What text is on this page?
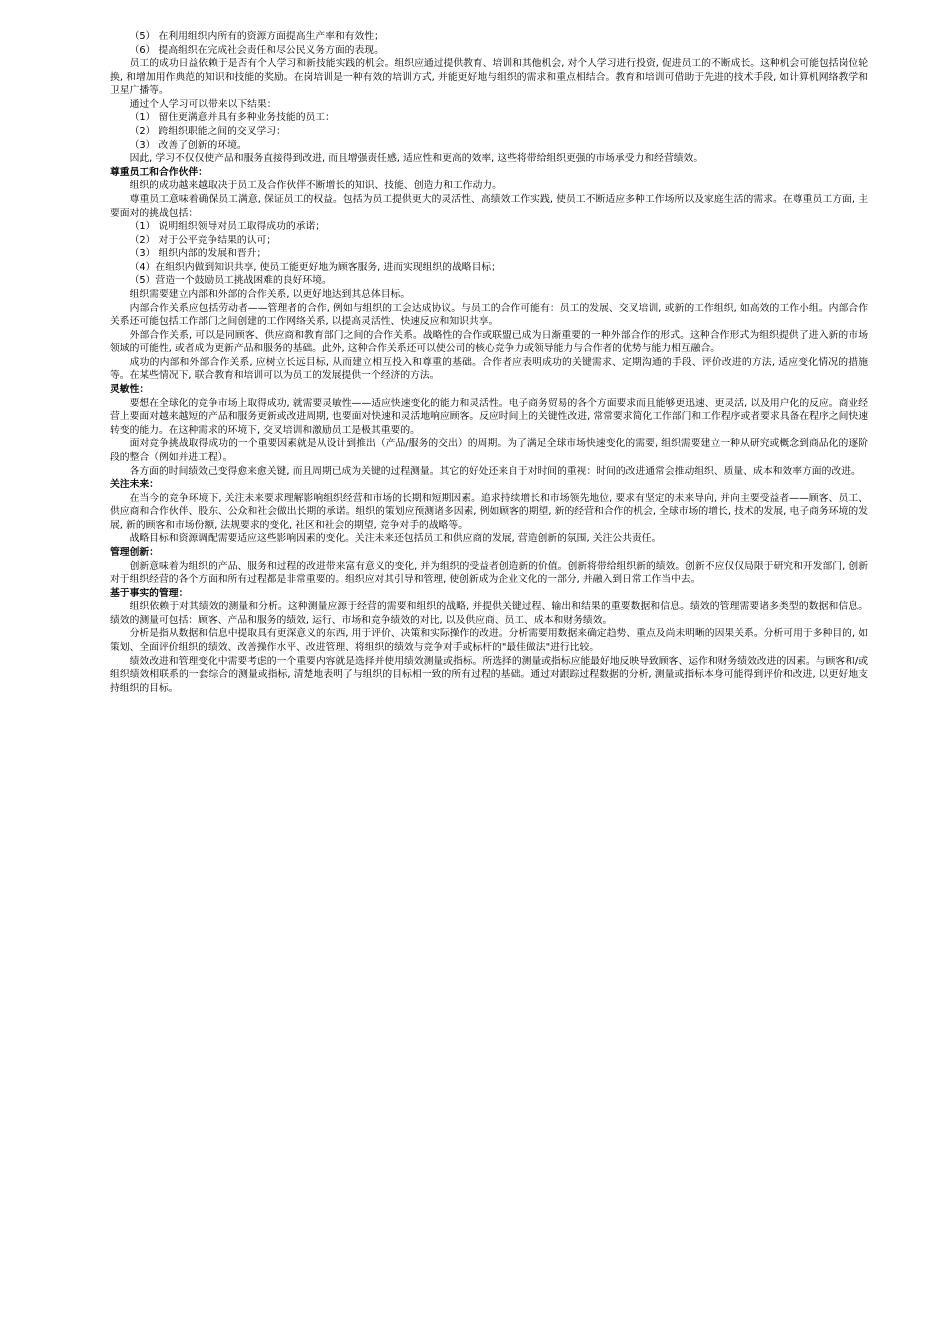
（5） 在利用组织内所有的资源方面提高生产率和有效性；

（6） 提高组织在完成社会责任和尽公民义务方面的表现。

员工的成功日益依赖于是否有个人学习和新技能实践的机会。组织应通过提供教育、培训和其他机会, 对个人学习进行投资, 促进员工的不断成长。这种机会可能包括岗位轮换, 和增加用作典范的知识和技能的奖励。在岗培训是一种有效的培训方式, 并能更好地与组织的需求和重点相结合。教育和培训可借助于先进的技术手段, 如计算机网络教学和卫星广播等。

通过个人学习可以带来以下结果：

（1） 留住更满意并具有多种业务技能的员工：

（2） 跨组织职能之间的交叉学习：

（3） 改善了创新的环境。

因此, 学习不仅仅使产品和服务直接得到改进, 而且增强责任感, 适应性和更高的效率, 这些将带给组织更强的市场承受力和经营绩效。

尊重员工和合作伙伴：

组织的成功越来越取决于员工及合作伙伴不断增长的知识、技能、创造力和工作动力。

尊重员工意味着确保员工满意, 保证员工的权益。包括为员工提供更大的灵活性、高绩效工作实践, 使员工不断适应多种工作场所以及家庭生活的需求。在尊重员工方面, 主要面对的挑战包括：

（1） 说明组织领导对员工取得成功的承诺；

（2） 对于公平竞争结果的认可；

（3） 组织内部的发展和晋升；

（4）在组织内做到知识共享, 使员工能更好地为顾客服务, 进而实现组织的战略目标；

（5）营造一个鼓励员工挑战困难的良好环境。

组织需要建立内部和外部的合作关系, 以更好地达到其总体目标。

内部合作关系应包括劳动者——管理者的合作, 例如与组织的工会达成协议。与员工的合作可能有：员工的发展、交叉培训, 或新的工作组织, 如高效的工作小组。内部合作关系还可能包括工作部门之间创建的工作网络关系, 以提高灵活性、快速反应和知识共享。

外部合作关系, 可以是同顾客、供应商和教育部门之间的合作关系。战略性的合作或联盟已成为日渐重要的一种外部合作的形式。这种合作形式为组织提供了进入新的市场领域的可能性, 或者成为更新产品和服务的基础。此外, 这种合作关系还可以使公司的核心竞争力或领导能力与合作者的优势与能力相互融合。

成功的内部和外部合作关系, 应树立长远目标, 从而建立相互投入和尊重的基础。合作者应表明成功的关键需求、定期沟通的手段、评价改进的方法, 适应变化情况的措施等。在某些情况下, 联合教育和培训可以为员工的发展提供一个经济的方法。

灵敏性：

要想在全球化的竞争市场上取得成功, 就需要灵敏性——适应快速变化的能力和灵活性。电子商务贸易的各个方面要求而且能够更迅速、更灵活, 以及用户化的反应。商业经营上要面对越来越短的产品和服务更新或改进周期, 也要面对快速和灵活地响应顾客。反应时间上的关键性改进, 常常要求简化工作部门和工作程序或者要求具备在程序之间快速转变的能力。在这种需求的环境下, 交叉培训和激励员工是极其重要的。

面对竞争挑战取得成功的一个重要因素就是从设计到推出（产品/服务的交出）的周期。为了满足全球市场快速变化的需要, 组织需要建立一种从研究或概念到商品化的逐阶段的整合（例如并进工程）。

各方面的时间绩效己变得愈来愈关键, 而且周期已成为关键的过程测量。其它的好处还来自于对时间的重视：时间的改进通常会推动组织、质量、成本和效率方面的改进。

关注未来：

在当今的竞争环境下, 关注未来要求理解影响组织经营和市场的长期和短期因素。追求持续增长和市场领先地位, 要求有坚定的未来导向, 并向主要受益者——顾客、员工、供应商和合作伙伴、股东、公众和社会做出长期的承诺。组织的策划应预测诸多因素, 例如顾客的期望, 新的经营和合作的机会, 全球市场的增长, 技术的发展, 电子商务环境的发展, 新的顾客和市场份额, 法规要求的变化, 社区和社会的期望, 竞争对手的战略等。

战略目标和资源调配需要适应这些影响因素的变化。关注未来还包括员工和供应商的发展, 营造创新的氛围, 关注公共责任。

管理创新：

创新意味着为组织的产品、服务和过程的改进带来富有意义的变化, 并为组织的受益者创造新的价值。创新将带给组织新的绩效。创新不应仅仅局限于研究和开发部门, 创新对于组织经营的各个方面和所有过程都是非常重要的。组织应对其引导和管理, 使创新成为企业文化的一部分, 并融入到日常工作当中去。

基于事实的管理：

组织依赖于对其绩效的测量和分析。这种测量应源于经营的需要和组织的战略, 并提供关键过程、输出和结果的重要数据和信息。绩效的管理需要诸多类型的数据和信息。绩效的测量可包括：顾客、产品和服务的绩效, 运行、市场和竞争绩效的对比, 以及供应商、员工、成本和财务绩效。

分析是指从数据和信息中提取具有更深意义的东西, 用于评价、决策和实际操作的改进。分析需要用数据来确定趋势、重点及尚未明晰的因果关系。分析可用于多种目的, 如策划、全面评价组织的绩效、改善操作水平、改进管理、将组织的绩效与竞争对手或标杆的"最佳做法"进行比较。

绩效改进和管理变化中需要考虑的一个重要内容就是选择并使用绩效测量或指标。所选择的测量或指标应能最好地反映导致顾客、运作和财务绩效改进的因素。与顾客和/或组织绩效相联系的一套综合的测量或指标, 清楚地表明了与组织的目标相一致的所有过程的基础。通过对跟踪过程数据的分析, 测量或指标本身可能得到评价和改进, 以更好地支持组织的目标。
